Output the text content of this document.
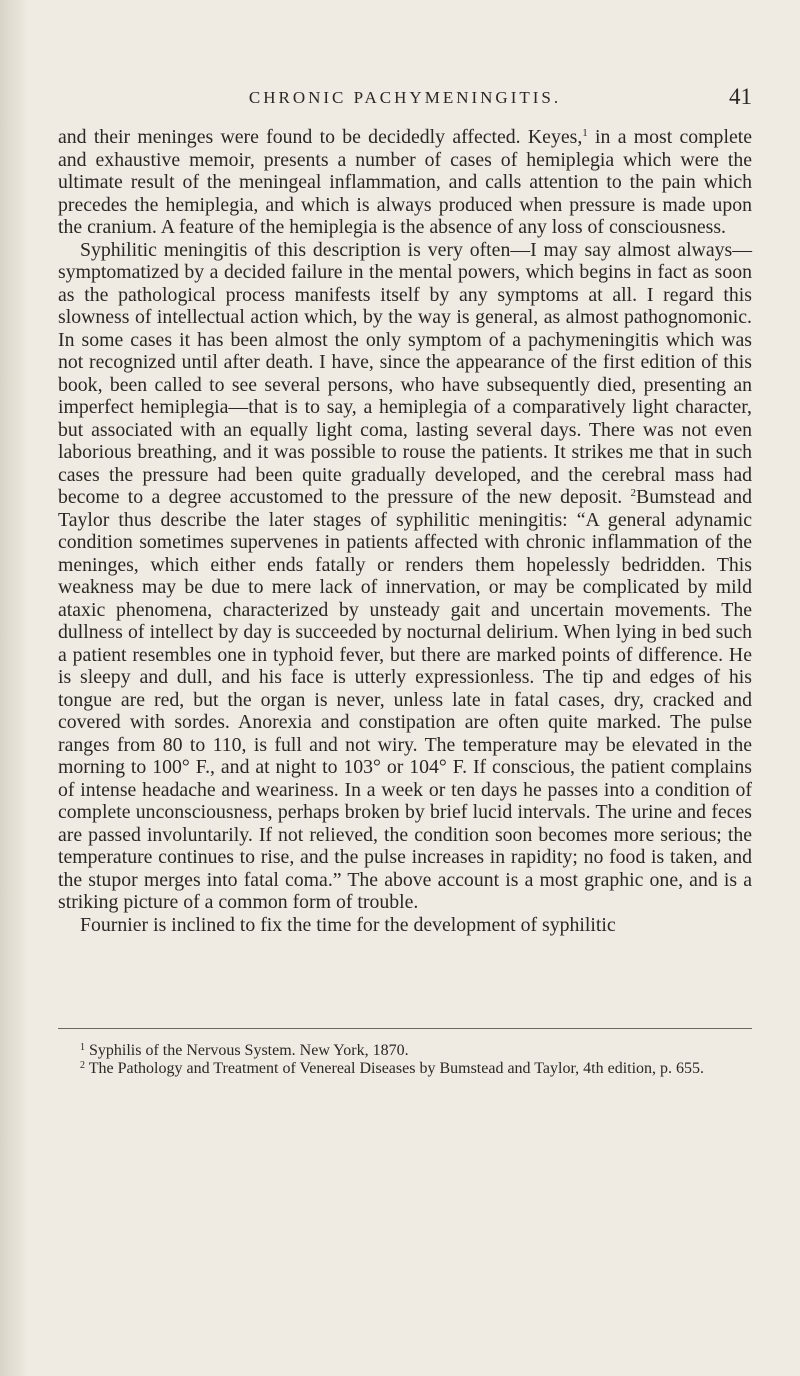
CHRONIC PACHYMENINGITIS.	41

and their meninges were found to be decidedly affected. Keyes,$^1$ in a most complete and exhaustive memoir, presents a number of cases of hemiplegia which were the ultimate result of the meningeal inflammation, and calls attention to the pain which precedes the hemiplegia, and which is always produced when pressure is made upon the cranium. A feature of the hemiplegia is the absence of any loss of consciousness.

Syphilitic meningitis of this description is very often—I may say almost always—symptomatized by a decided failure in the mental powers, which begins in fact as soon as the pathological process manifests itself by any symptoms at all. I regard this slowness of intellectual action which, by the way is general, as almost pathognomonic. In some cases it has been almost the only symptom of a pachymeningitis which was not recognized until after death. I have, since the appearance of the first edition of this book, been called to see several persons, who have subsequently died, presenting an imperfect hemiplegia—that is to say, a hemiplegia of a comparatively light character, but associated with an equally light coma, lasting several days. There was not even laborious breathing, and it was possible to rouse the patients. It strikes me that in such cases the pressure had been quite gradually developed, and the cerebral mass had become to a degree accustomed to the pressure of the new deposit. $^2$Bumstead and Taylor thus describe the later stages of syphilitic meningitis: “A general adynamic condition sometimes supervenes in patients affected with chronic inflammation of the meninges, which either ends fatally or renders them hopelessly bedridden. This weakness may be due to mere lack of innervation, or may be complicated by mild ataxic phenomena, characterized by unsteady gait and uncertain movements. The dullness of intellect by day is succeeded by nocturnal delirium. When lying in bed such a patient resembles one in typhoid fever, but there are marked points of difference. He is sleepy and dull, and his face is utterly expressionless. The tip and edges of his tongue are red, but the organ is never, unless late in fatal cases, dry, cracked and covered with sordes. Anorexia and constipation are often quite marked. The pulse ranges from 80 to 110, is full and not wiry. The temperature may be elevated in the morning to 100° F., and at night to 103° or 104° F. If conscious, the patient complains of intense headache and weariness. In a week or ten days he passes into a condition of complete unconsciousness, perhaps broken by brief lucid intervals. The urine and feces are passed involuntarily. If not relieved, the condition soon becomes more serious; the temperature continues to rise, and the pulse increases in rapidity; no food is taken, and the stupor merges into fatal coma.” The above account is a most graphic one, and is a striking picture of a common form of trouble.

Fournier is inclined to fix the time for the development of syphilitic

$^1$ Syphilis of the Nervous System. New York, 1870.

$^2$ The Pathology and Treatment of Venereal Diseases by Bumstead and Taylor, 4th edition, p. 655.
